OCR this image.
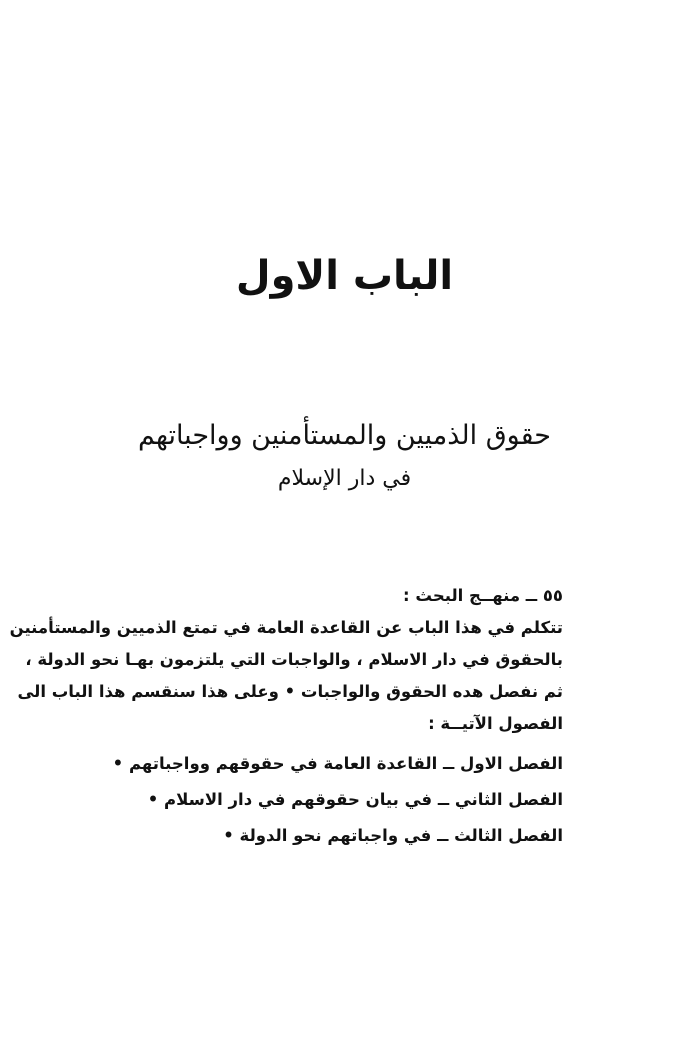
الباب الاول
حقوق الذميين والمستأمنين وواجباتهم
في دار الإسلام
٥٥ ــ منهــج البحث :
تتكلم في هذا الباب عن القاعدة العامة في تمتع الذميين والمستأمنين
بالحقوق في دار الاسلام ، والواجبات التي يلتزمون بهـا نحو الدولة ،
ثم نفصل هده الحقوق والواجبات • وعلى هذا سنقسم هذا الباب الى
الفصول الآتيــة :
الفصل الاول ــ القاعدة العامة في حقوقهم وواجباتهم •
الفصل الثاني ــ في بيان حقوقهم في دار الاسلام •
الفصل الثالث ــ في واجباتهم نحو الدولة •
